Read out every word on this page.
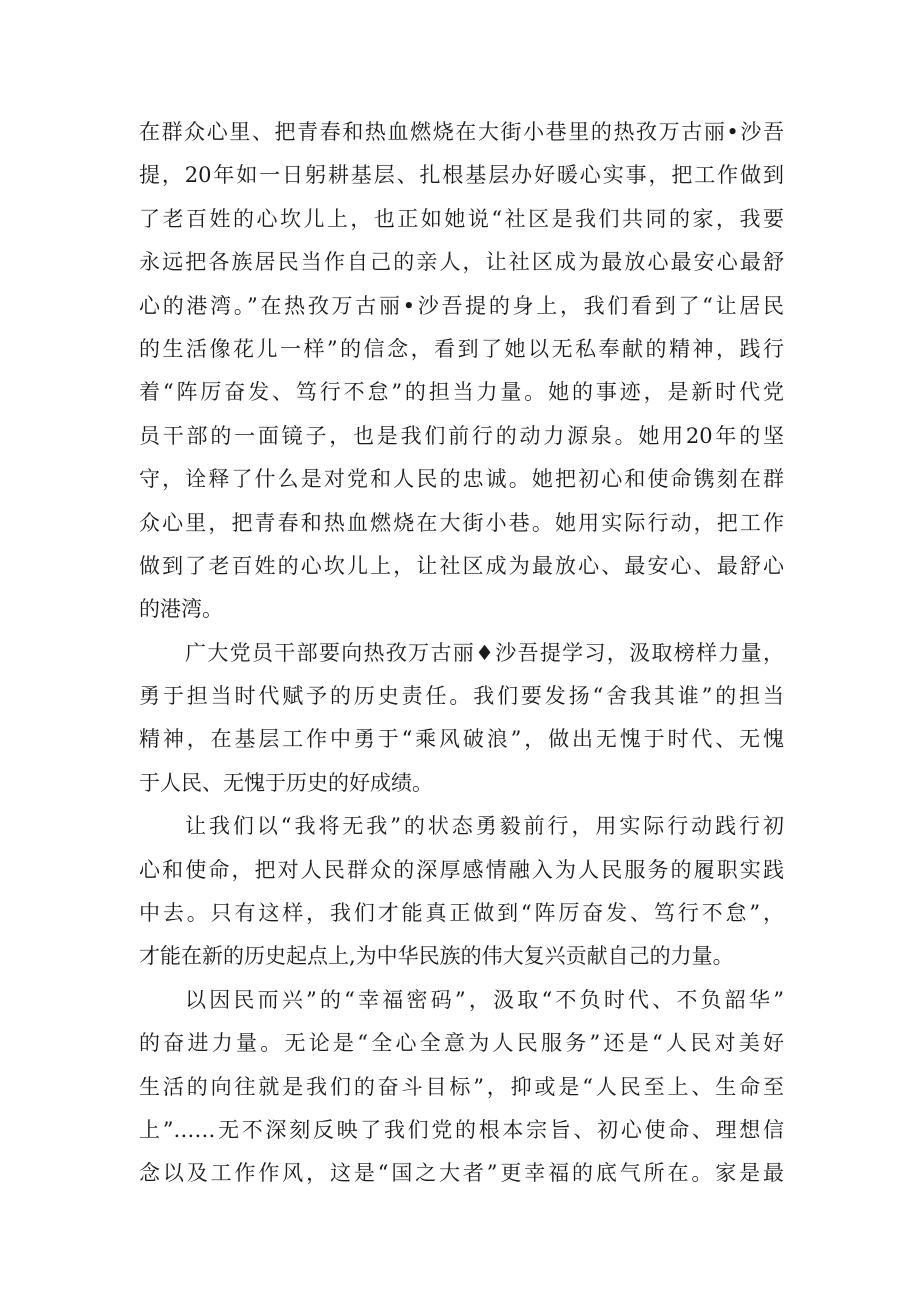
在群众心里、把青春和热血燃烧在大街小巷里的热孜万古丽•沙吾
提，20年如一日躬耕基层、扎根基层办好暖心实事，把工作做到
了老百姓的心坎儿上，也正如她说“社区是我们共同的家，我要
永远把各族居民当作自己的亲人，让社区成为最放心最安心最舒
心的港湾。”在热孜万古丽•沙吾提的身上，我们看到了“让居民
的生活像花儿一样”的信念，看到了她以无私奉献的精神，践行
着“阵厉奋发、笃行不怠”的担当力量。她的事迹，是新时代党
员干部的一面镜子，也是我们前行的动力源泉。她用20年的坚
守，诠释了什么是对党和人民的忠诚。她把初心和使命镌刻在群
众心里，把青春和热血燃烧在大街小巷。她用实际行动，把工作
做到了老百姓的心坎儿上，让社区成为最放心、最安心、最舒心
的港湾。
广大党员干部要向热孜万古丽♦沙吾提学习，汲取榜样力量，
勇于担当时代赋予的历史责任。我们要发扬“舍我其谁”的担当
精神，在基层工作中勇于“乘风破浪”，做出无愧于时代、无愧
于人民、无愧于历史的好成绩。
让我们以“我将无我”的状态勇毅前行，用实际行动践行初
心和使命，把对人民群众的深厚感情融入为人民服务的履职实践
中去。只有这样，我们才能真正做到“阵厉奋发、笃行不怠”，
才能在新的历史起点上,为中华民族的伟大复兴贡献自己的力量。
以因民而兴”的“幸福密码”，汲取“不负时代、不负韶华”
的奋进力量。无论是“全心全意为人民服务”还是“人民对美好
生活的向往就是我们的奋斗目标”，抑或是“人民至上、生命至
上”……无不深刻反映了我们党的根本宗旨、初心使命、理想信
念以及工作作风，这是“国之大者”更幸福的底气所在。家是最
